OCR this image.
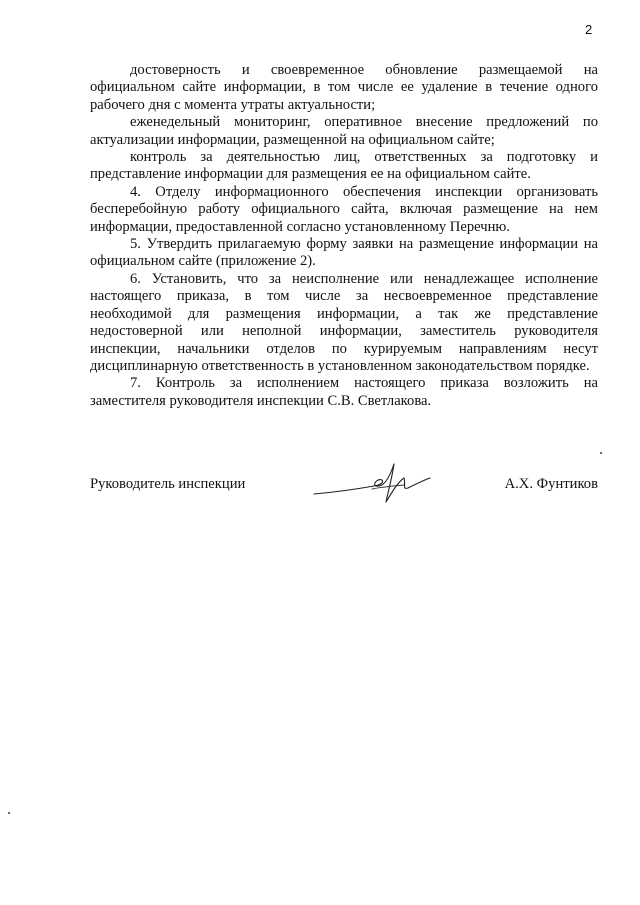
2

достоверность и своевременное обновление размещаемой на официальном сайте информации, в том числе ее удаление в течение одного рабочего дня с момента утраты актуальности;

еженедельный мониторинг, оперативное внесение предложений по актуализации информации, размещенной на официальном сайте;

контроль за деятельностью лиц, ответственных за подготовку и представление информации для размещения ее на официальном сайте.

4. Отделу информационного обеспечения инспекции организовать бесперебойную работу официального сайта, включая размещение на нем информации, предоставленной согласно установленному Перечню.

5. Утвердить прилагаемую форму заявки на размещение информации на официальном сайте (приложение 2).

6. Установить, что за неисполнение или ненадлежащее исполнение настоящего приказа, в том числе за несвоевременное представление необходимой для размещения информации, а так же представление недостоверной или неполной информации, заместитель руководителя инспекции, начальники отделов по курируемым направлениям несут дисциплинарную ответственность в установленном законодательством порядке.

7. Контроль за исполнением настоящего приказа возложить на заместителя руководителя инспекции С.В. Светлакова.

Руководитель инспекции	А.Х. Фунтиков
